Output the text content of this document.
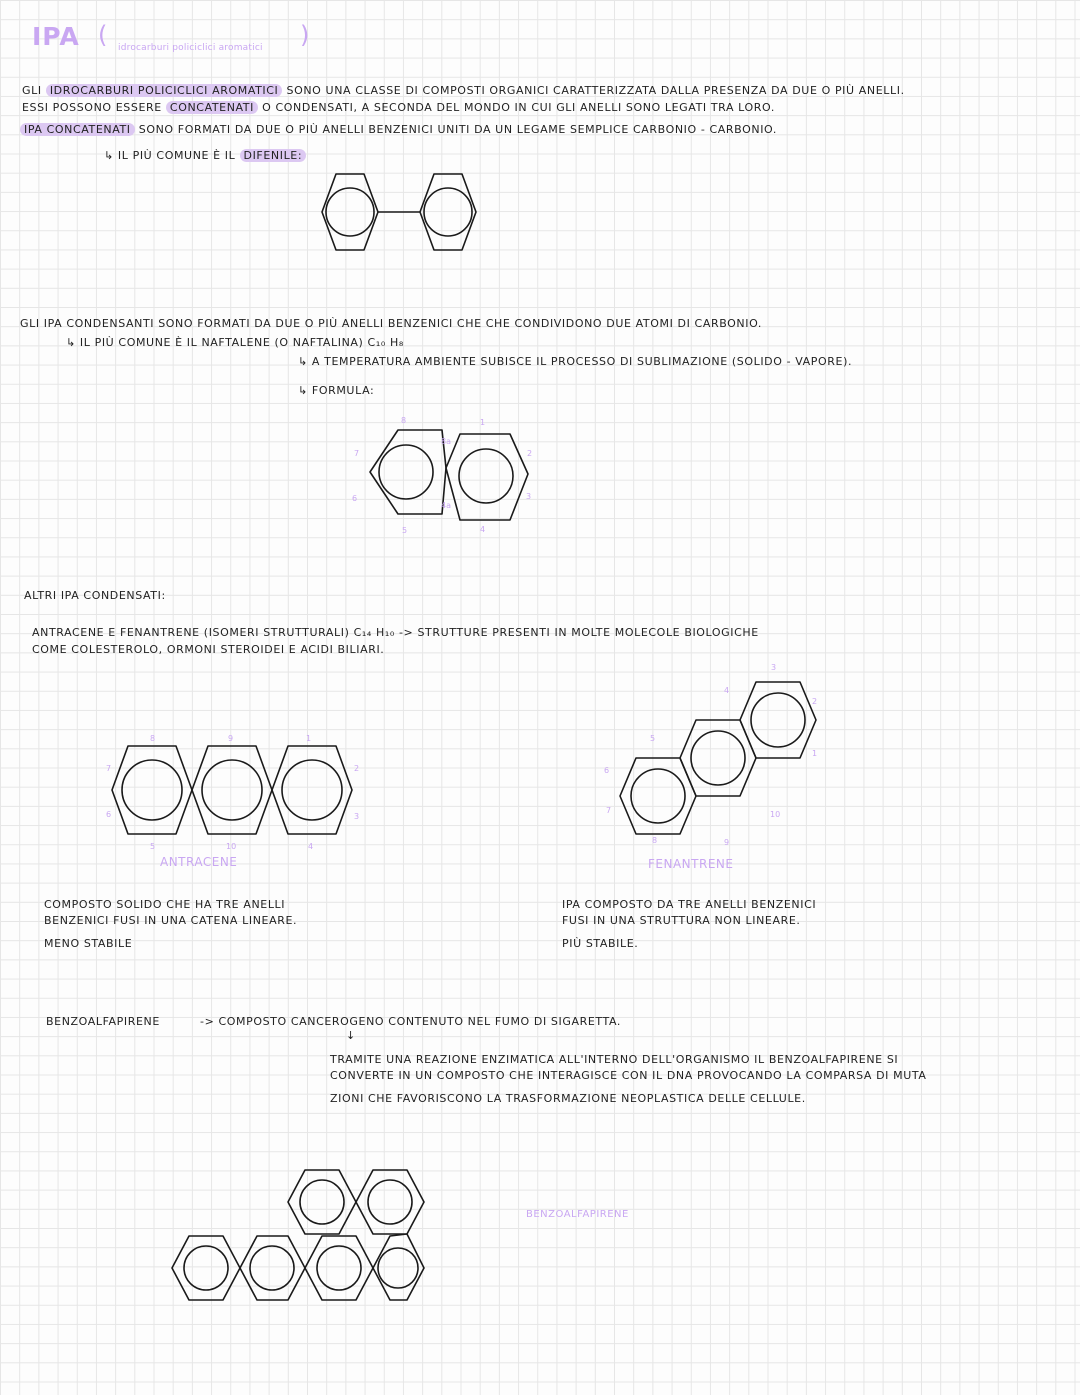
IPA ( idrocarburi policiclici aromatici )
GLI IDROCARBURI POLICICLICI AROMATICI SONO UNA CLASSE DI COMPOSTI ORGANICI CARATTERIZZATA DALLA PRESENZA DA DUE O PIÙ ANELLI.
ESSI POSSONO ESSERE CONCATENATI O CONDENSATI, A SECONDA DEL MONDO IN CUI GLI ANELLI SONO LEGATI TRA LORO.
IPA CONCATENATI SONO FORMATI DA DUE O PIÙ ANELLI BENZENICI UNITI DA UN LEGAME SEMPLICE CARBONIO - CARBONIO.
↳ IL PIÙ COMUNE È IL DIFENILE:
GLI IPA CONDENSANTI SONO FORMATI DA DUE O PIÙ ANELLI BENZENICI CHE CHE CONDIVIDONO DUE ATOMI DI CARBONIO.
↳ IL PIÙ COMUNE È IL NAFTALENE (O NAFTALINA) C₁₀ H₈
↳ A TEMPERATURA AMBIENTE SUBISCE IL PROCESSO DI SUBLIMAZIONE (SOLIDO - VAPORE).
↳ FORMULA:
8	1
2
3
4
5
6
7
8a
4a
ALTRI IPA CONDENSATI:
ANTRACENE E FENANTRENE (ISOMERI STRUTTURALI) C₁₄ H₁₀ -> STRUTTURE PRESENTI IN MOLTE MOLECOLE BIOLOGICHE
COME COLESTEROLO, ORMONI STEROIDEI E ACIDI BILIARI.
8	9	1
7	2
6	3
5	10	4
ANTRACENE
COMPOSTO SOLIDO CHE HA TRE ANELLI
BENZENICI FUSI IN UNA CATENA LINEARE.
MENO STABILE
3
4
2
5
1
6
10
7
8	9
FENANTRENE
IPA COMPOSTO DA TRE ANELLI BENZENICI
FUSI IN UNA STRUTTURA NON LINEARE.
PIÙ STABILE.
BENZOALFAPIRENE	-> COMPOSTO CANCEROGENO CONTENUTO NEL FUMO DI SIGARETTA.
↓
TRAMITE UNA REAZIONE ENZIMATICA ALL'INTERNO DELL'ORGANISMO IL BENZOALFAPIRENE SI
CONVERTE IN UN COMPOSTO CHE INTERAGISCE CON IL DNA PROVOCANDO LA COMPARSA DI MUTA
ZIONI CHE FAVORISCONO LA TRASFORMAZIONE NEOPLASTICA DELLE CELLULE.
BENZOALFAPIRENE
